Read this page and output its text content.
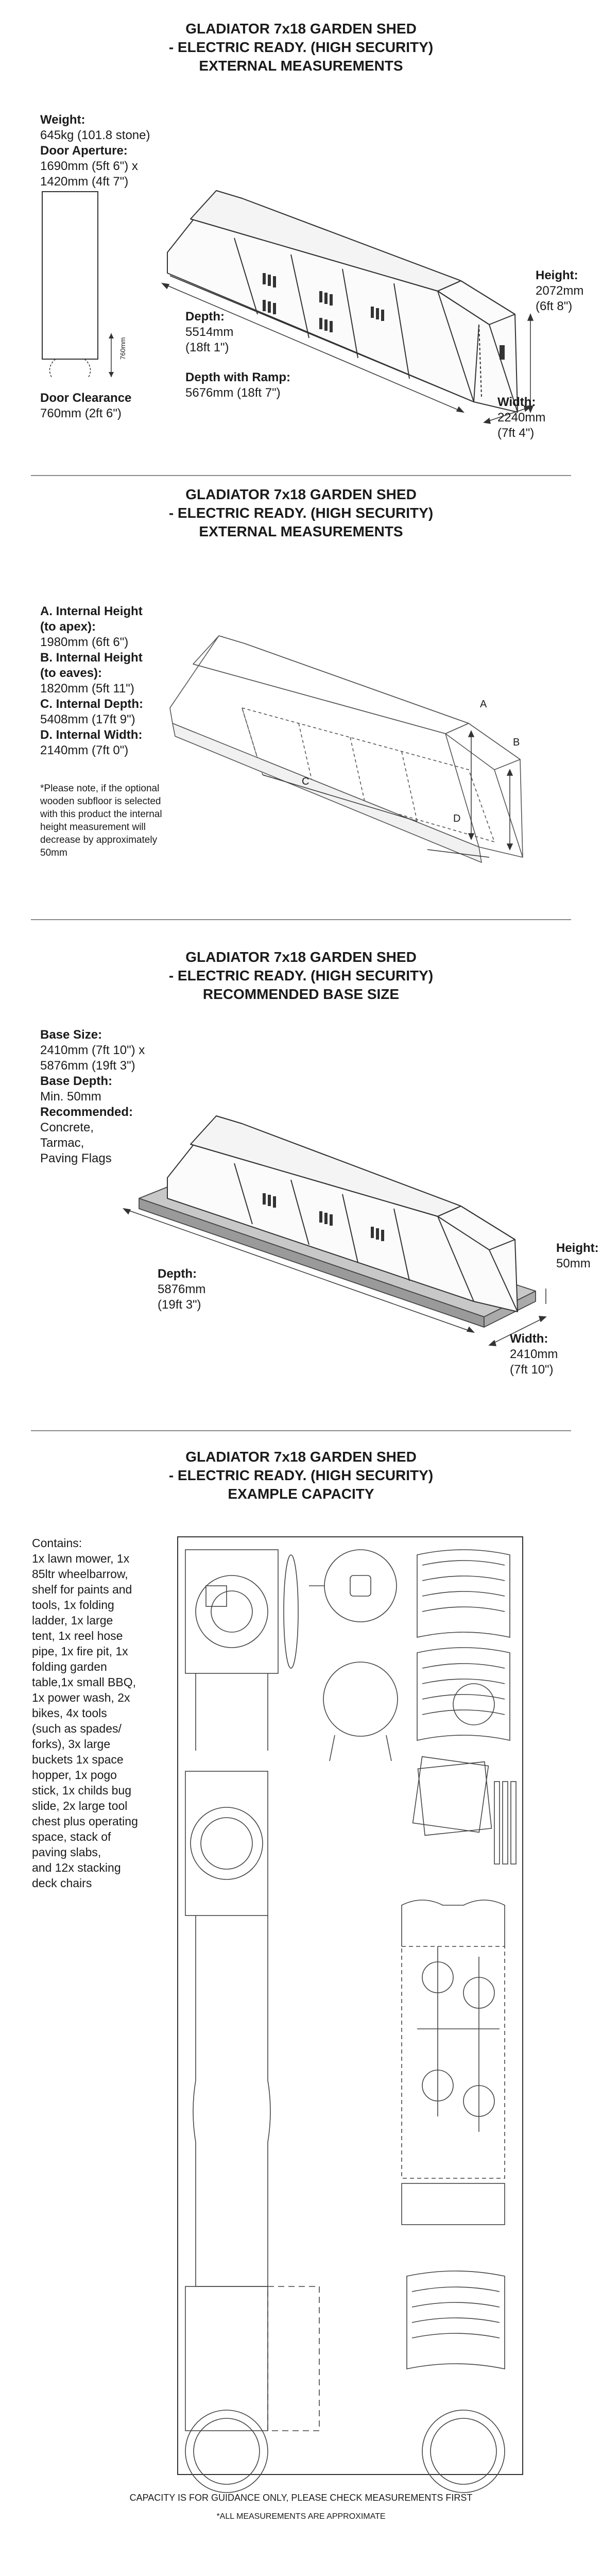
GLADIATOR 7x18 GARDEN SHED
- ELECTRIC READY. (HIGH SECURITY)
EXTERNAL MEASUREMENTS
Weight:
645kg (101.8 stone)
Door Aperture:
1690mm (5ft 6") x
1420mm (4ft 7")
760mm
Door Clearance
760mm (2ft 6")
Height:
2072mm
(6ft 8")
Depth:
5514mm
(18ft 1")
Depth with Ramp:
5676mm (18ft 7")
Width:
2240mm
(7ft 4")
GLADIATOR 7x18 GARDEN SHED
- ELECTRIC READY. (HIGH SECURITY)
EXTERNAL MEASUREMENTS
A. Internal Height
(to apex):
1980mm (6ft 6")
B. Internal Height
(to eaves):
1820mm (5ft 11")
C. Internal Depth:
5408mm (17ft 9")
D. Internal Width:
2140mm (7ft 0")
*Please note, if the optional
wooden subfloor is selected
with this product the internal
height measurement will
decrease by approximately
50mm
A
B
C
D
GLADIATOR 7x18 GARDEN SHED
- ELECTRIC READY. (HIGH SECURITY)
RECOMMENDED BASE SIZE
Base Size:
2410mm (7ft 10") x
5876mm (19ft 3")
Base Depth:
Min. 50mm
Recommended:
Concrete,
Tarmac,
Paving Flags
Height:
50mm
Depth:
5876mm
(19ft 3")
Width:
2410mm
(7ft 10")
GLADIATOR 7x18 GARDEN SHED
- ELECTRIC READY. (HIGH SECURITY)
EXAMPLE CAPACITY
Contains:
1x lawn mower, 1x
85ltr wheelbarrow,
shelf for paints and
tools, 1x folding
ladder, 1x large
tent, 1x reel hose
pipe, 1x fire pit, 1x
folding garden
table,1x small BBQ,
1x power wash, 2x
bikes, 4x tools
(such as spades/
forks), 3x large
buckets 1x space
hopper, 1x pogo
stick, 1x childs bug
slide, 2x large tool
chest plus operating
space, stack of
paving slabs,
and 12x stacking
deck chairs
CAPACITY IS FOR GUIDANCE ONLY, PLEASE CHECK MEASUREMENTS FIRST
*ALL MEASUREMENTS ARE APPROXIMATE
